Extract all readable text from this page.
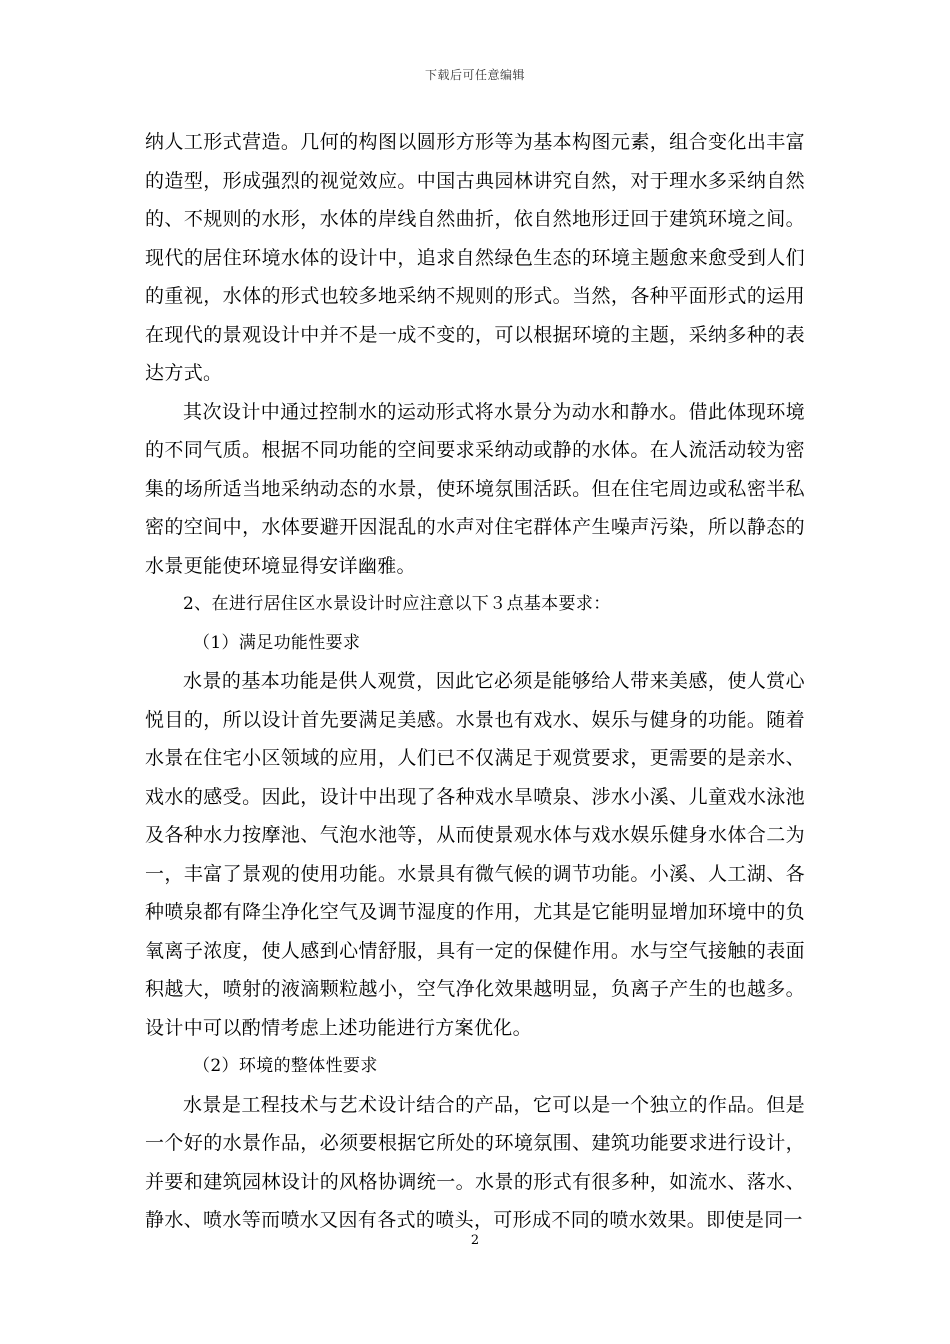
下载后可任意编辑

纳人工形式营造。几何的构图以圆形方形等为基本构图元素，组合变化出丰富的造型，形成强烈的视觉效应。中国古典园林讲究自然，对于理水多采纳自然的、不规则的水形，水体的岸线自然曲折，依自然地形迂回于建筑环境之间。现代的居住环境水体的设计中，追求自然绿色生态的环境主题愈来愈受到人们的重视，水体的形式也较多地采纳不规则的形式。当然，各种平面形式的运用在现代的景观设计中并不是一成不变的，可以根据环境的主题，采纳多种的表达方式。

其次设计中通过控制水的运动形式将水景分为动水和静水。借此体现环境的不同气质。根据不同功能的空间要求采纳动或静的水体。在人流活动较为密集的场所适当地采纳动态的水景，使环境氛围活跃。但在住宅周边或私密半私密的空间中，水体要避开因混乱的水声对住宅群体产生噪声污染，所以静态的水景更能使环境显得安详幽雅。

2、在进行居住区水景设计时应注意以下３点基本要求：

（1）满足功能性要求

水景的基本功能是供人观赏，因此它必须是能够给人带来美感，使人赏心悦目的，所以设计首先要满足美感。水景也有戏水、娱乐与健身的功能。随着水景在住宅小区领域的应用，人们已不仅满足于观赏要求，更需要的是亲水、戏水的感受。因此，设计中出现了各种戏水旱喷泉、涉水小溪、儿童戏水泳池及各种水力按摩池、气泡水池等，从而使景观水体与戏水娱乐健身水体合二为一，丰富了景观的使用功能。水景具有微气候的调节功能。小溪、人工湖、各种喷泉都有降尘净化空气及调节湿度的作用，尤其是它能明显增加环境中的负氧离子浓度，使人感到心情舒服，具有一定的保健作用。水与空气接触的表面积越大，喷射的液滴颗粒越小，空气净化效果越明显，负离子产生的也越多。设计中可以酌情考虑上述功能进行方案优化。

（2）环境的整体性要求

水景是工程技术与艺术设计结合的产品，它可以是一个独立的作品。但是一个好的水景作品，必须要根据它所处的环境氛围、建筑功能要求进行设计，并要和建筑园林设计的风格协调统一。水景的形式有很多种，如流水、落水、静水、喷水等而喷水又因有各式的喷头，可形成不同的喷水效果。即使是同一

2
